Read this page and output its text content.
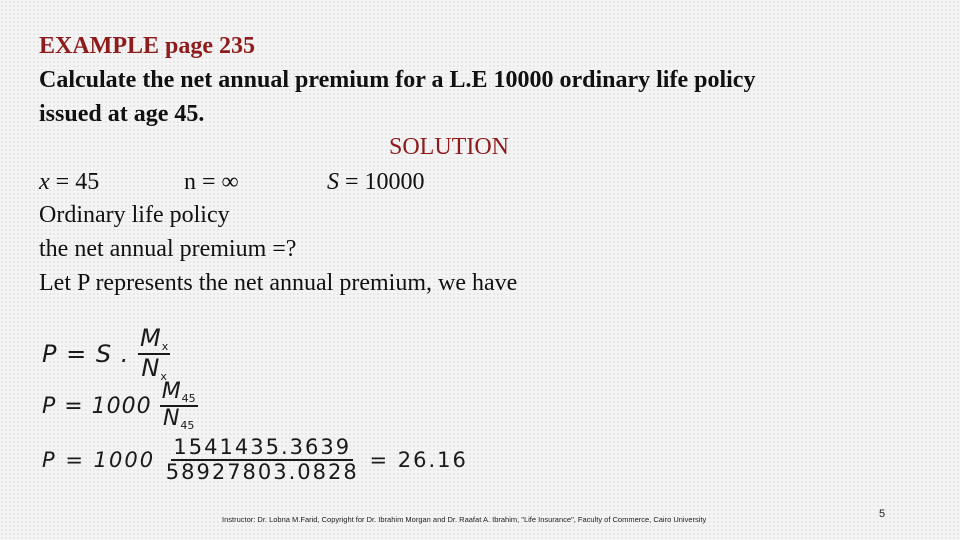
EXAMPLE page 235
Calculate the net annual premium for a L.E 10000 ordinary life policy
issued at age 45.
SOLUTION
x = 45	n = ∞	S = 10000
Ordinary life policy
the net annual premium =?
Let P represents the net annual premium, we have
P = S . $\frac{M_x}{N_x}$
$P = 1000 \frac{M_{45}}{N_{45}}$
$P = 1000 \frac{1541435.3639}{58927803.0828} = 26.16$
Instructor: Dr. Lobna M.Farid, Copyright for Dr. Ibrahim Morgan and Dr. Raafat A. Ibrahim, "Life Insurance", Faculty of Commerce, Cairo University	5
